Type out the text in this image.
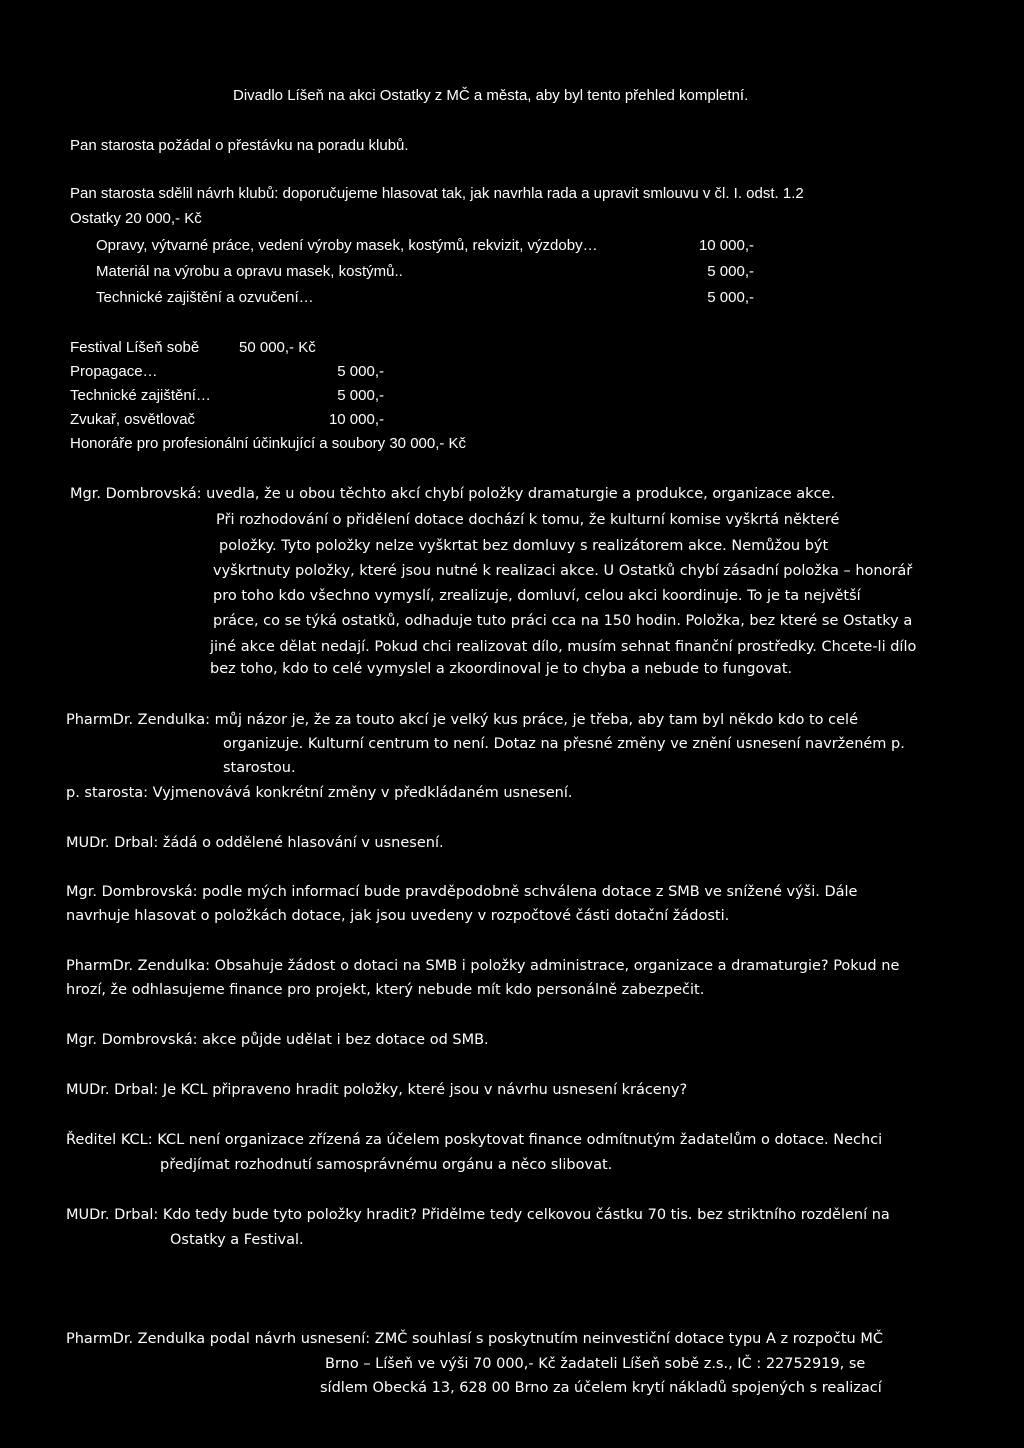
Divadlo Líšeň na akci Ostatky z MČ a města, aby byl tento přehled kompletní.
Pan starosta požádal o přestávku na poradu klubů.
Pan starosta sdělil návrh klubů: doporučujeme hlasovat tak, jak navrhla rada a upravit smlouvu v čl. I. odst. 1.2
Ostatky 20 000,- Kč
Opravy, výtvarné práce, vedení výroby masek, kostýmů, rekvizit, výzdoby…	10 000,-
Materiál na výrobu a opravu masek, kostýmů..	5 000,-
Technické zajištění a ozvučení…	5 000,-
Festival Líšeň sobě	50 000,- Kč
Propagace…	5 000,-
Technické zajištění…	5 000,-
Zvukař, osvětlovač	10 000,-
Honoráře pro profesionální účinkující a soubory 30 000,- Kč
Mgr. Dombrovská: uvedla, že u obou těchto akcí chybí položky dramaturgie a produkce, organizace akce.
Při rozhodování o přidělení dotace dochází k tomu, že kulturní komise vyškrtá některé
položky. Tyto položky nelze vyškrtat bez domluvy s realizátorem akce. Nemůžou být
vyškrtnuty položky, které jsou nutné k realizaci akce. U Ostatků chybí zásadní položka – honorář
pro toho kdo všechno vymyslí, zrealizuje, domluví, celou akci koordinuje. To je ta největší
práce, co se týká ostatků, odhaduje tuto práci cca na 150 hodin. Položka, bez které se Ostatky a
jiné akce dělat nedají. Pokud chci realizovat dílo, musím sehnat finanční prostředky. Chcete-li dílo
bez toho, kdo to celé vymyslel a zkoordinoval je to chyba a nebude to fungovat.
PharmDr. Zendulka: můj názor je, že za touto akcí je velký kus práce, je třeba, aby tam byl někdo kdo to celé
organizuje. Kulturní centrum to není. Dotaz na přesné změny ve znění usnesení navrženém p.
starostou.
p. starosta: Vyjmenovává konkrétní změny v předkládaném usnesení.
MUDr. Drbal: žádá o oddělené hlasování v usnesení.
Mgr. Dombrovská: podle mých informací bude pravděpodobně schválena dotace z SMB ve snížené výši. Dále
navrhuje hlasovat o položkách dotace, jak jsou uvedeny v rozpočtové části dotační žádosti.
PharmDr. Zendulka: Obsahuje žádost o dotaci na SMB i položky administrace, organizace a dramaturgie? Pokud ne
hrozí, že odhlasujeme finance pro projekt, který nebude mít kdo personálně zabezpečit.
Mgr. Dombrovská: akce půjde udělat i bez dotace od SMB.
MUDr. Drbal: Je KCL připraveno hradit položky, které jsou v návrhu usnesení kráceny?
Ředitel KCL: KCL není organizace zřízená za účelem poskytovat finance odmítnutým žadatelům o dotace. Nechci
předjímat rozhodnutí samosprávnému orgánu a něco slibovat.
MUDr. Drbal: Kdo tedy bude tyto položky hradit? Přidělme tedy celkovou částku 70 tis. bez striktního rozdělení na
Ostatky a Festival.
PharmDr. Zendulka podal návrh usnesení: ZMČ souhlasí s poskytnutím neinvestiční dotace typu A z rozpočtu MČ
Brno – Líšeň ve výši 70 000,- Kč žadateli Líšeň sobě z.s., IČ : 22752919, se
sídlem Obecká 13, 628 00 Brno za účelem krytí nákladů spojených s realizací
